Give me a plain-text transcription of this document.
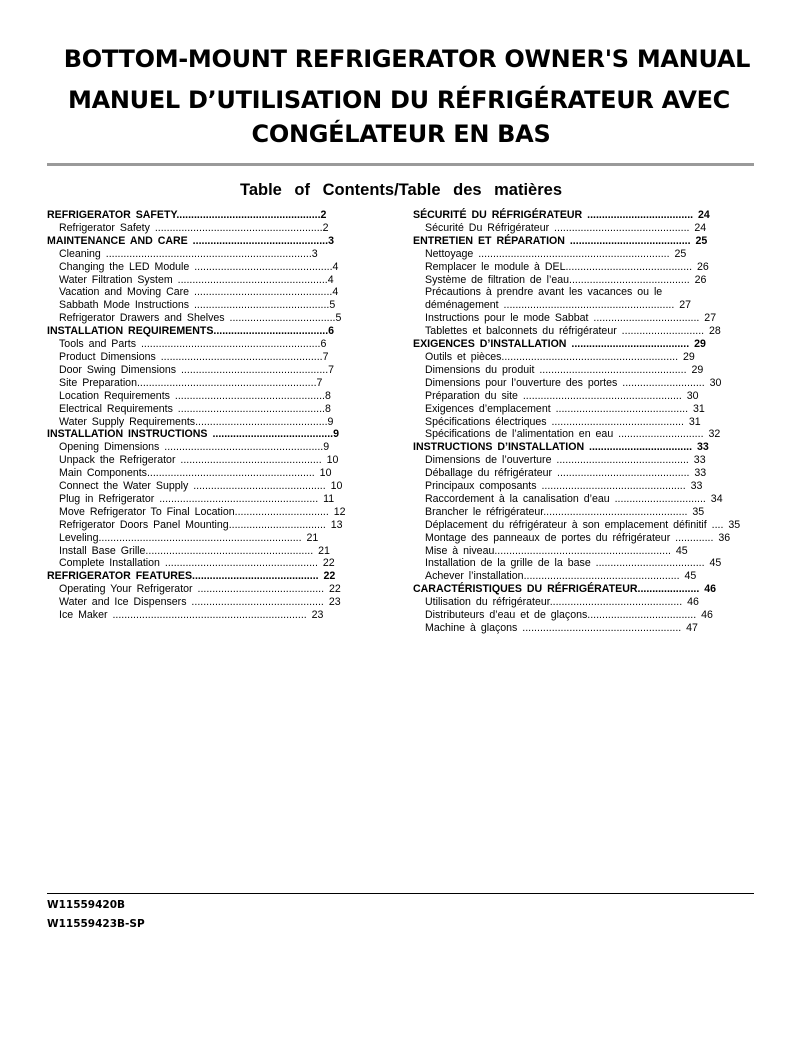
BOTTOM-MOUNT REFRIGERATOR OWNER'S MANUAL
MANUEL D’UTILISATION DU RÉFRIGÉRATEUR AVEC
CONGÉLATEUR EN BAS
Table of Contents/Table des matières
REFRIGERATOR SAFETY.................................................2
Refrigerator Safety .........................................................2
MAINTENANCE AND CARE ..............................................3
Cleaning ......................................................................3
Changing the LED Module ...............................................4
Water Filtration System ...................................................4
Vacation and Moving Care ...............................................4
Sabbath Mode Instructions ..............................................5
Refrigerator Drawers and Shelves ....................................5
INSTALLATION REQUIREMENTS.......................................6
Tools and Parts .............................................................6
Product Dimensions .......................................................7
Door Swing Dimensions ..................................................7
Site Preparation.............................................................7
Location Requirements ...................................................8
Electrical Requirements ..................................................8
Water Supply Requirements.............................................9
INSTALLATION INSTRUCTIONS .........................................9
Opening Dimensions ......................................................9
Unpack the Refrigerator ................................................ 10
Main Components......................................................... 10
Connect the Water Supply ............................................. 10
Plug in Refrigerator ...................................................... 11
Move Refrigerator To Final Location................................ 12
Refrigerator Doors Panel Mounting................................. 13
Leveling..................................................................... 21
Install Base Grille......................................................... 21
Complete Installation .................................................... 22
REFRIGERATOR FEATURES........................................... 22
Operating Your Refrigerator ........................................... 22
Water and Ice Dispensers ............................................. 23
Ice Maker .................................................................. 23
SÉCURITÉ DU RÉFRIGÉRATEUR .................................... 24
Sécurité Du Réfrigérateur .............................................. 24
ENTRETIEN ET RÉPARATION ......................................... 25
Nettoyage ................................................................. 25
Remplacer le module à DEL........................................... 26
Système de filtration de l’eau......................................... 26
Précautions à prendre avant les vacances ou le
déménagement .......................................................... 27
Instructions pour le mode Sabbat .................................... 27
Tablettes et balconnets du réfrigérateur ............................ 28
EXIGENCES D’INSTALLATION ........................................ 29
Outils et pièces............................................................ 29
Dimensions du produit .................................................. 29
Dimensions pour l’ouverture des portes ............................ 30
Préparation du site ...................................................... 30
Exigences d’emplacement ............................................. 31
Spécifications électriques ............................................. 31
Spécifications de l’alimentation en eau ............................. 32
INSTRUCTIONS D’INSTALLATION ................................... 33
Dimensions de l’ouverture ............................................. 33
Déballage du réfrigérateur ............................................. 33
Principaux composants ................................................. 33
Raccordement à la canalisation d’eau ............................... 34
Brancher le réfrigérateur................................................. 35
Déplacement du réfrigérateur à son emplacement définitif .... 35
Montage des panneaux de portes du réfrigérateur ............. 36
Mise à niveau............................................................ 45
Installation de la grille de la base ..................................... 45
Achever l’installation..................................................... 45
CARACTÉRISTIQUES DU RÉFRIGÉRATEUR..................... 46
Utilisation du réfrigérateur............................................. 46
Distributeurs d’eau et de glaçons..................................... 46
Machine à glaçons ...................................................... 47
W11559420B
W11559423B-SP
